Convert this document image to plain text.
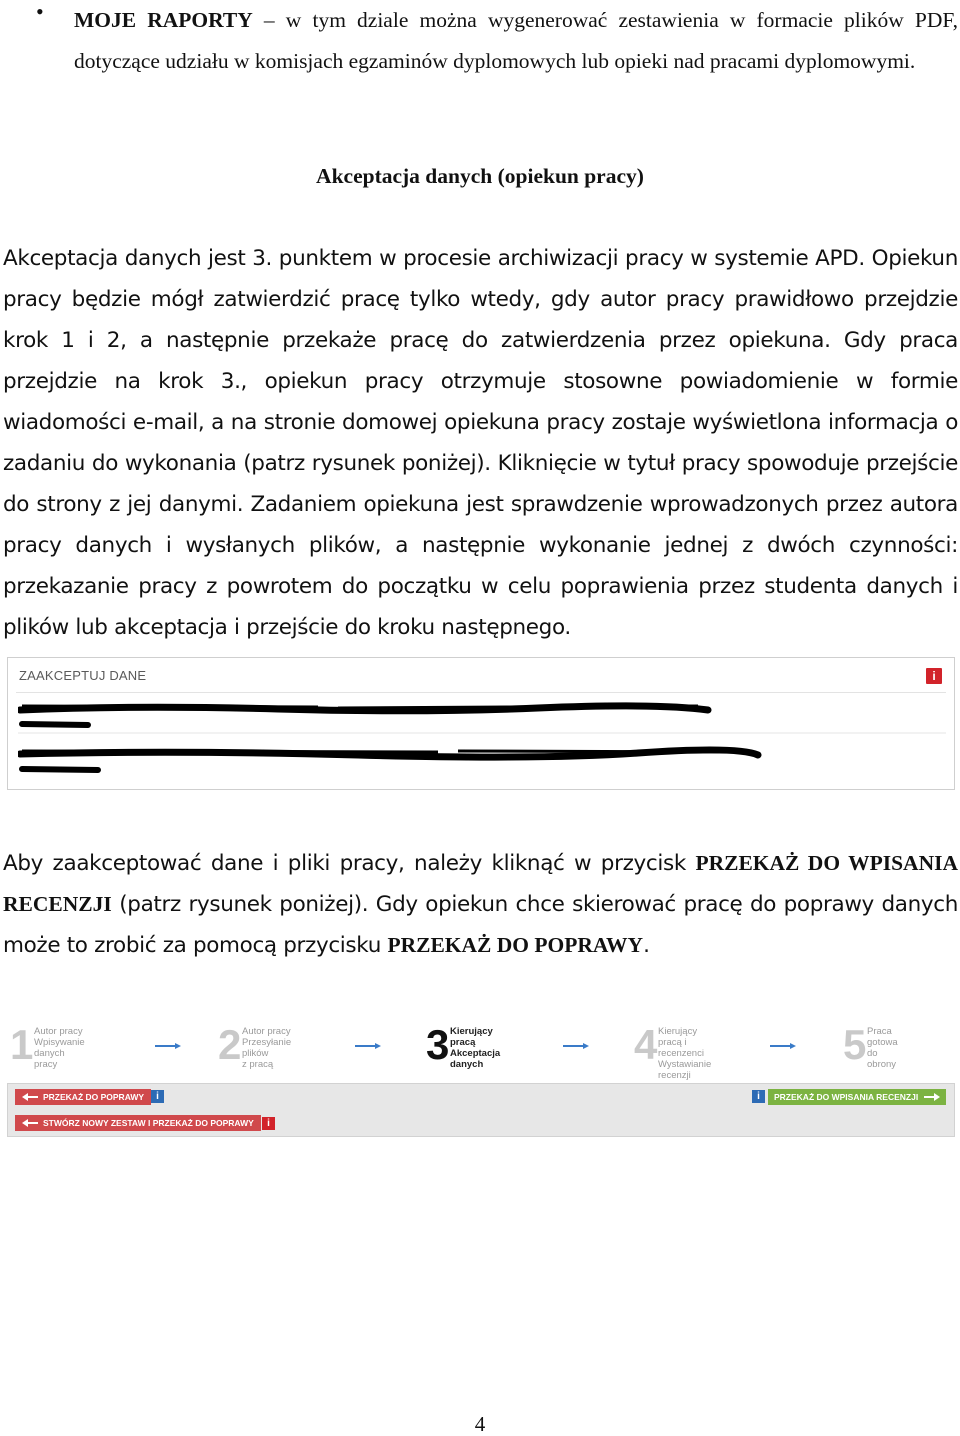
• MOJE RAPORTY – w tym dziale można wygenerować zestawienia w formacie plików PDF, dotyczące udziału w komisjach egzaminów dyplomowych lub opieki nad pracami dyplomowymi.

Akceptacja danych (opiekun pracy)

Akceptacja danych jest 3. punktem w procesie archiwizacji pracy w systemie APD. Opiekun pracy będzie mógł zatwierdzić pracę tylko wtedy, gdy autor pracy prawidłowo przejdzie krok 1 i 2, a następnie przekaże pracę do zatwierdzenia przez opiekuna. Gdy praca przejdzie na krok 3., opiekun pracy otrzymuje stosowne powiadomienie w formie wiadomości e-mail, a na stronie domowej opiekuna pracy zostaje wyświetlona informacja o zadaniu do wykonania (patrz rysunek poniżej). Kliknięcie w tytuł pracy spowoduje przejście do strony z jej danymi. Zadaniem opiekuna jest sprawdzenie wprowadzonych przez autora pracy danych i wysłanych plików, a następnie wykonanie jednej z dwóch czynności: przekazanie pracy z powrotem do początku w celu poprawienia przez studenta danych i plików lub akceptacja i przejście do kroku następnego.

ZAAKCEPTUJ DANE	i

Aby zaakceptować dane i pliki pracy, należy kliknąć w przycisk PRZEKAŻ DO WPISANIA RECENZJI (patrz rysunek poniżej). Gdy opiekun chce skierować pracę do poprawy danych może to zrobić za pomocą przycisku PRZEKAŻ DO POPRAWY.

1 Autor pracy
Wpisywanie
danych pracy	2 Autor pracy
Przesyłanie plików
z pracą	3 Kierujący pracą
Akceptacja
danych	4 Kierujący pracą i
recenzenci
Wystawianie
recenzji
5 Praca gotowa do
obrony
PRZEKAŻ DO POPRAWY	i
STWÓRZ NOWY ZESTAW I PRZEKAŻ DO POPRAWY	i
i	PRZEKAŻ DO WPISANIA RECENZJI
4
